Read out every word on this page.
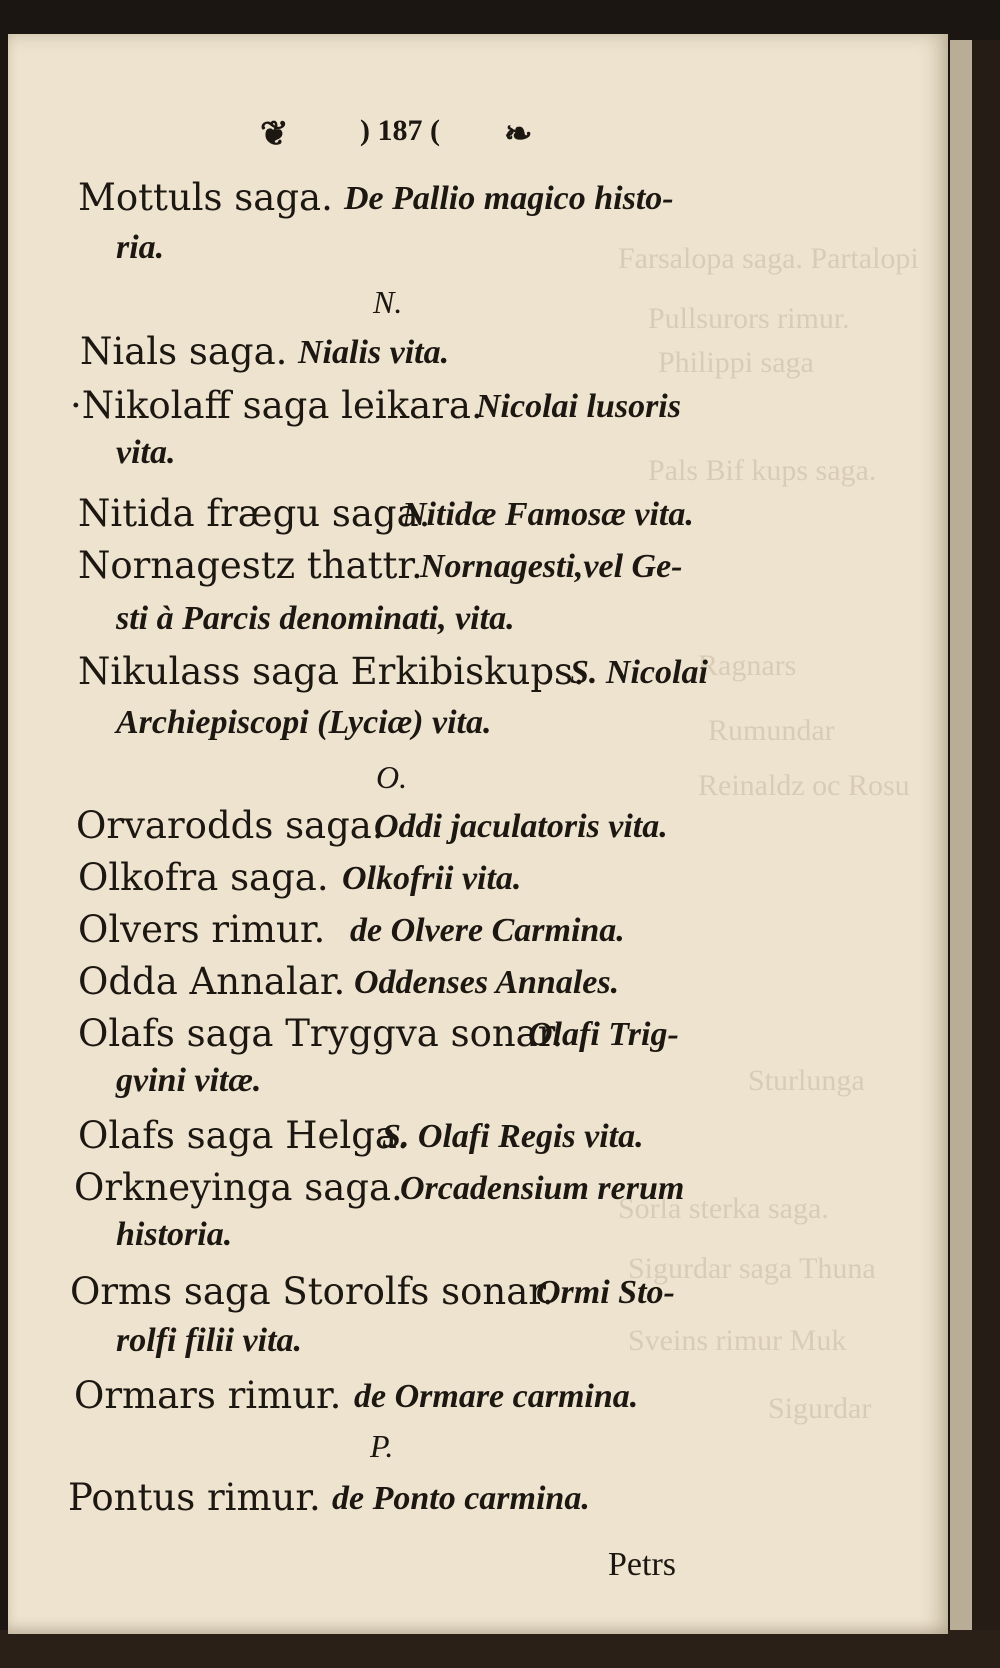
Farsalopa saga. Partalopi
Pullsurors rimur.
Philippi saga
Pals Bif kups saga.
Ragnars
Rumundar
Reinaldz oc Rosu
Sturlunga
Sorla sterka saga.
Sigurdar saga Thuna
Sveins rimur Muk
Sigurdar
❦ ) 187 ( ❧
Mottuls saga. De Pallio magico histo-
ria.
N.
Nials saga. Nialis vita.
·Nikolaff saga leikara.
Nicolai lusoris
vita.
Nitida frægu saga.
Nitidæ Famosæ vita.
Nornagestz thattr.
Nornagesti,vel Ge-
sti à Parcis denominati, vita.
Nikulass saga Erkibiskups.
S. Nicolai
Archiepiscopi (Lyciæ) vita.
O.
Orvarodds saga.
Oddi jaculatoris vita.
Olkofra saga. Olkofrii vita.
Olvers rimur. de Olvere Carmina.
Odda Annalar. Oddenses Annales.
Olafs saga Tryggva sonar.
Olafi Trig-
gvini vitæ.
Olafs saga Helga.
S. Olafi Regis vita.
Orkneyinga saga.
Orcadensium rerum
historia.
Orms saga Storolfs sonar.
Ormi Sto-
rolfi filii vita.
Ormars rimur. de Ormare carmina.
P.
Pontus rimur. de Ponto carmina.
Petrs
